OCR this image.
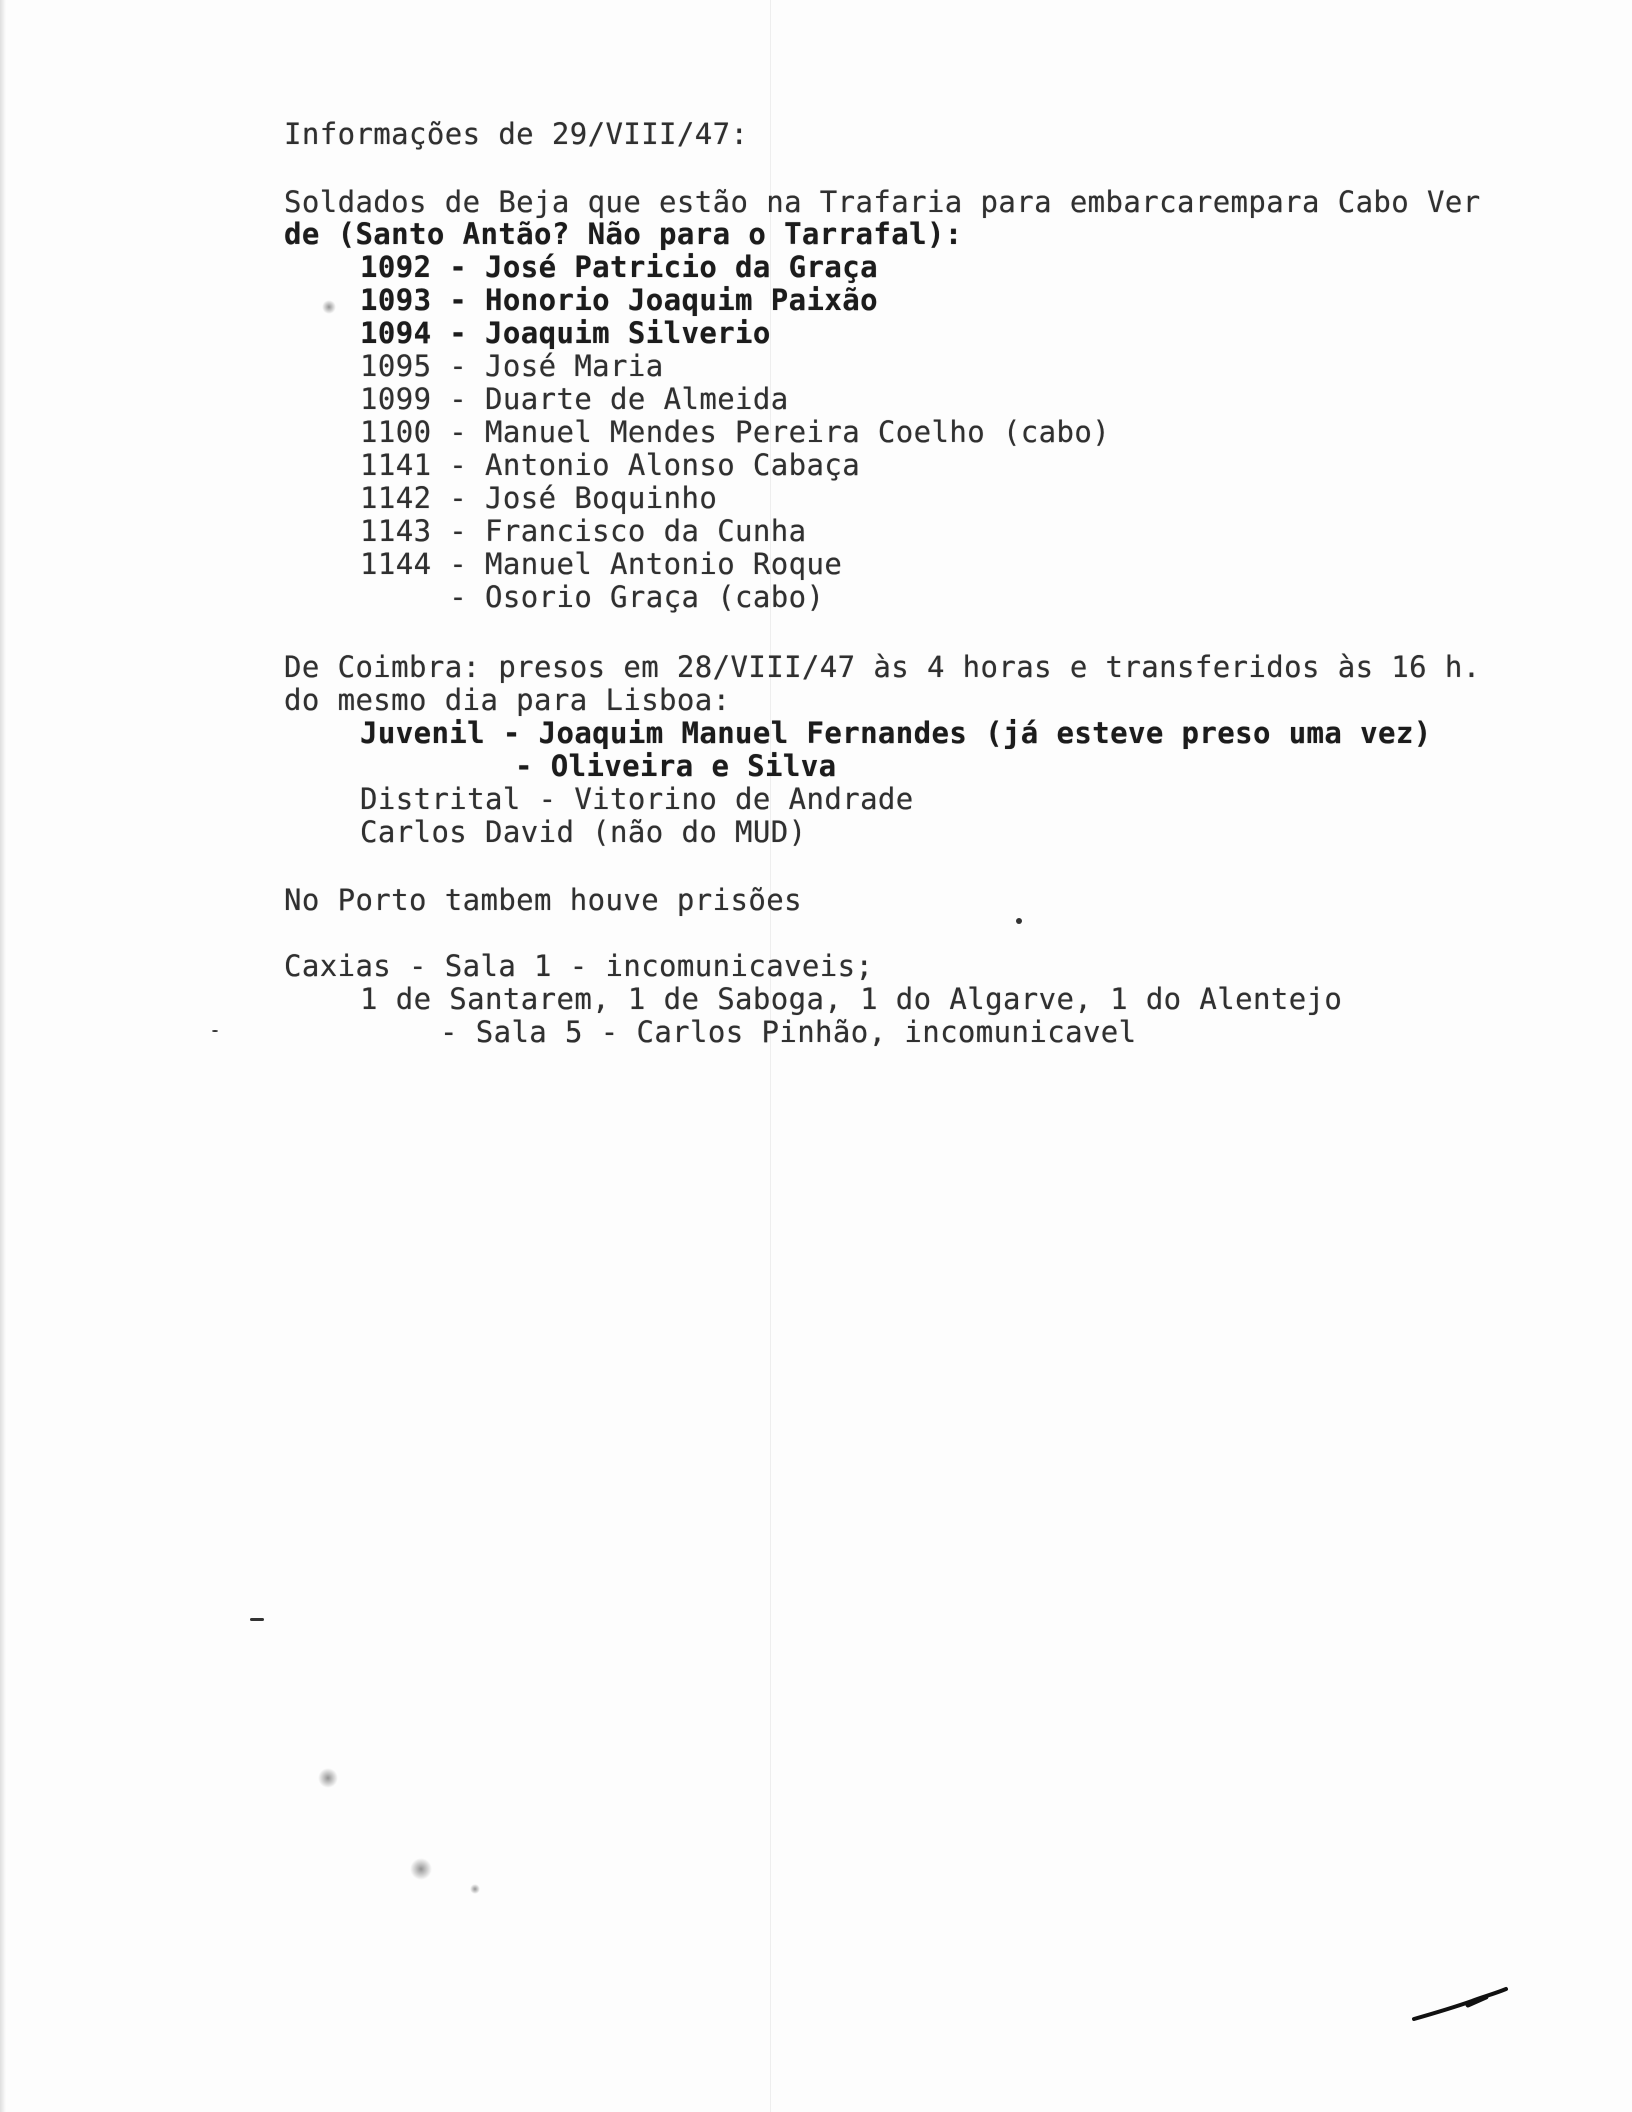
Informações de 29/VIII/47:
Soldados de Beja que estão na Trafaria para embarcarempara Cabo Ver
de (Santo Antão? Não para o Tarrafal):
1092 - José Patricio da Graça
1093 - Honorio Joaquim Paixão
1094 - Joaquim Silverio
1095 - José Maria
1099 - Duarte de Almeida
1100 - Manuel Mendes Pereira Coelho (cabo)
1141 - Antonio Alonso Cabaça
1142 - José Boquinho
1143 - Francisco da Cunha
1144 - Manuel Antonio Roque
- Osorio Graça (cabo)
De Coimbra: presos em 28/VIII/47 às 4 horas e transferidos às 16 h.
do mesmo dia para Lisboa:
Juvenil - Joaquim Manuel Fernandes (já esteve preso uma vez)
- Oliveira e Silva
Distrital - Vitorino de Andrade
Carlos David (não do MUD)
No Porto tambem houve prisões
Caxias - Sala 1 - incomunicaveis;
1 de Santarem, 1 de Saboga, 1 do Algarve, 1 do Alentejo
- Sala 5 - Carlos Pinhão, incomunicavel
